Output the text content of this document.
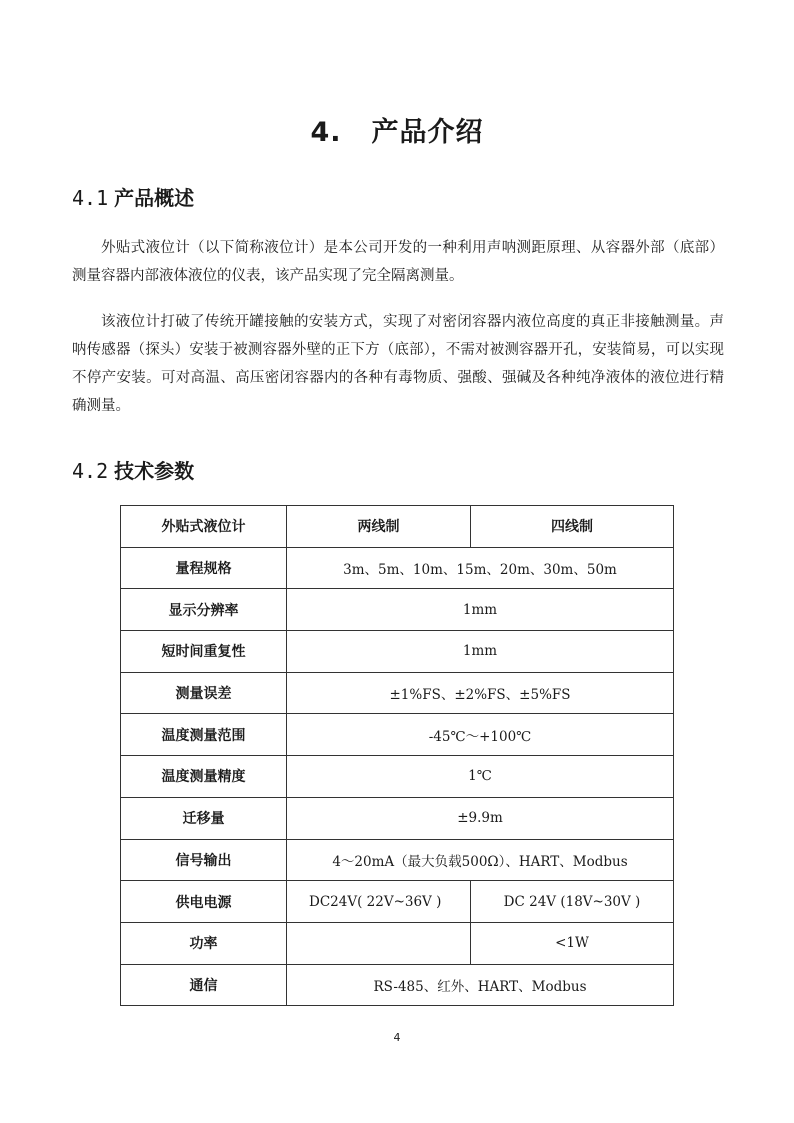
4. 产品介绍
4.1 产品概述

外贴式液位计（以下简称液位计）是本公司开发的一种利用声呐测距原理、从容器外部（底部）测量容器内部液体液位的仪表，该产品实现了完全隔离测量。

该液位计打破了传统开罐接触的安装方式，实现了对密闭容器内液位高度的真正非接触测量。声呐传感器（探头）安装于被测容器外壁的正下方（底部），不需对被测容器开孔，安装简易，可以实现不停产安装。可对高温、高压密闭容器内的各种有毒物质、强酸、强碱及各种纯净液体的液位进行精确测量。

4.2 技术参数
外贴式液位计	两线制	四线制
量程规格	3m、5m、10m、15m、20m、30m、50m	
显示分辨率	1mm	
短时间重复性	1mm	
测量误差	±1%FS、±2%FS、±5%FS	
温度测量范围	-45℃～+100℃	
温度测量精度	1℃	
迁移量	±9.9m	
信号输出	4～20mA（最大负载500Ω）、HART、Modbus	
供电电源	DC24V( 22V~36V )	DC 24V (18V~30V )
功率		<1W
通信	RS-485、红外、HART、Modbus	
4
